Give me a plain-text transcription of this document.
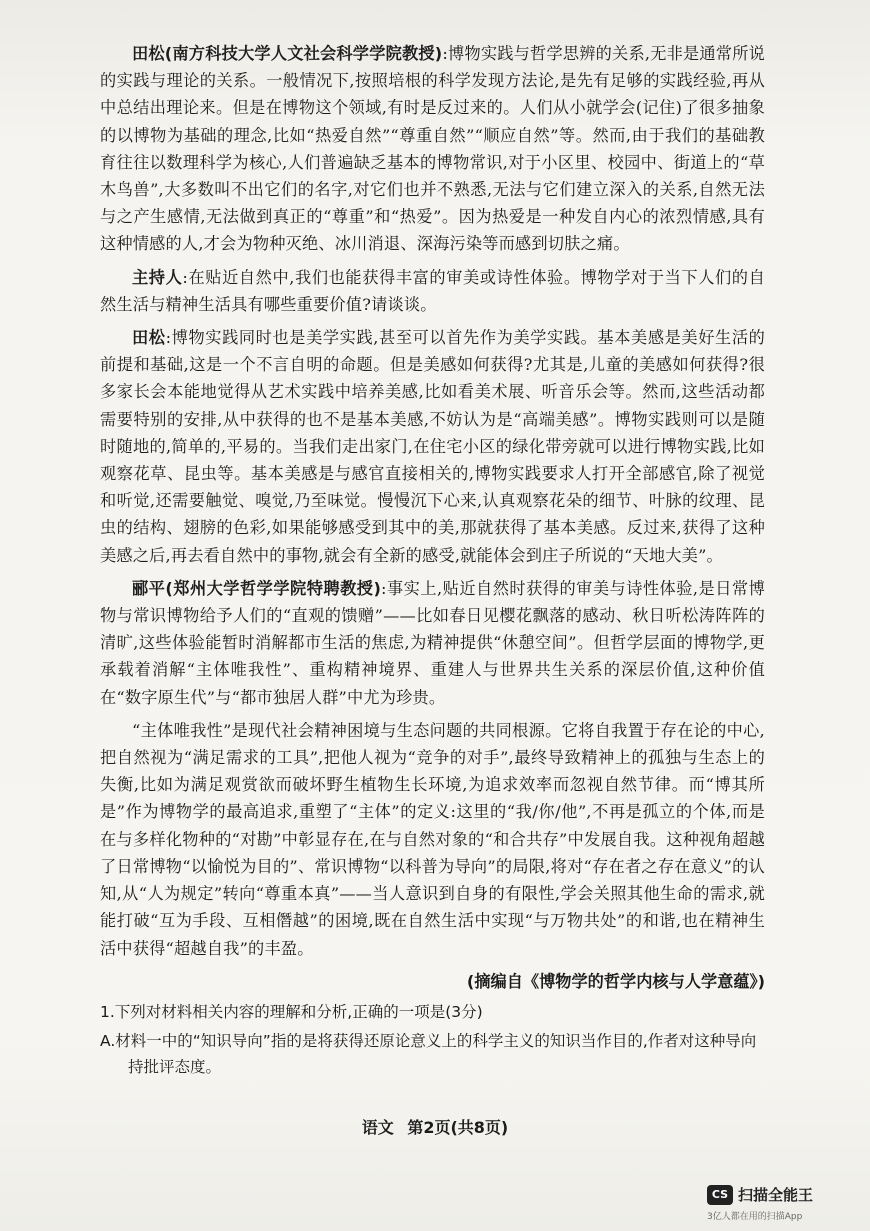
田松(南方科技大学人文社会科学学院教授):博物实践与哲学思辨的关系,无非是通常所说的实践与理论的关系。一般情况下,按照培根的科学发现方法论,是先有足够的实践经验,再从中总结出理论来。但是在博物这个领域,有时是反过来的。人们从小就学会(记住)了很多抽象的以博物为基础的理念,比如“热爱自然”“尊重自然”“顺应自然”等。然而,由于我们的基础教育往往以数理科学为核心,人们普遍缺乏基本的博物常识,对于小区里、校园中、街道上的“草木鸟兽”,大多数叫不出它们的名字,对它们也并不熟悉,无法与它们建立深入的关系,自然无法与之产生感情,无法做到真正的“尊重”和“热爱”。因为热爱是一种发自内心的浓烈情感,具有这种情感的人,才会为物种灭绝、冰川消退、深海污染等而感到切肤之痛。

主持人:在贴近自然中,我们也能获得丰富的审美或诗性体验。博物学对于当下人们的自然生活与精神生活具有哪些重要价值?请谈谈。

田松:博物实践同时也是美学实践,甚至可以首先作为美学实践。基本美感是美好生活的前提和基础,这是一个不言自明的命题。但是美感如何获得?尤其是,儿童的美感如何获得?很多家长会本能地觉得从艺术实践中培养美感,比如看美术展、听音乐会等。然而,这些活动都需要特别的安排,从中获得的也不是基本美感,不妨认为是“高端美感”。博物实践则可以是随时随地的,简单的,平易的。当我们走出家门,在住宅小区的绿化带旁就可以进行博物实践,比如观察花草、昆虫等。基本美感是与感官直接相关的,博物实践要求人打开全部感官,除了视觉和听觉,还需要触觉、嗅觉,乃至味觉。慢慢沉下心来,认真观察花朵的细节、叶脉的纹理、昆虫的结构、翅膀的色彩,如果能够感受到其中的美,那就获得了基本美感。反过来,获得了这种美感之后,再去看自然中的事物,就会有全新的感受,就能体会到庄子所说的“天地大美”。

郦平(郑州大学哲学学院特聘教授):事实上,贴近自然时获得的审美与诗性体验,是日常博物与常识博物给予人们的“直观的馈赠”——比如春日见樱花飘落的感动、秋日听松涛阵阵的清旷,这些体验能暂时消解都市生活的焦虑,为精神提供“休憩空间”。但哲学层面的博物学,更承载着消解“主体唯我性”、重构精神境界、重建人与世界共生关系的深层价值,这种价值在“数字原生代”与“都市独居人群”中尤为珍贵。

“主体唯我性”是现代社会精神困境与生态问题的共同根源。它将自我置于存在论的中心,把自然视为“满足需求的工具”,把他人视为“竞争的对手”,最终导致精神上的孤独与生态上的失衡,比如为满足观赏欲而破坏野生植物生长环境,为追求效率而忽视自然节律。而“博其所是”作为博物学的最高追求,重塑了“主体”的定义:这里的“我/你/他”,不再是孤立的个体,而是在与多样化物种的“对勘”中彰显存在,在与自然对象的“和合共存”中发展自我。这种视角超越了日常博物“以愉悦为目的”、常识博物“以科普为导向”的局限,将对“存在者之存在意义”的认知,从“人为规定”转向“尊重本真”——当人意识到自身的有限性,学会关照其他生命的需求,就能打破“互为手段、互相僭越”的困境,既在自然生活中实现“与万物共处”的和谐,也在精神生活中获得“超越自我”的丰盈。

(摘编自《博物学的哲学内核与人学意蕴》)
1.下列对材料相关内容的理解和分析,正确的一项是(3分)
A.材料一中的“知识导向”指的是将获得还原论意义上的科学主义的知识当作目的,作者对这种导向持批评态度。
语文 第2页(共8页)
CS 扫描全能王
3亿人都在用的扫描App
